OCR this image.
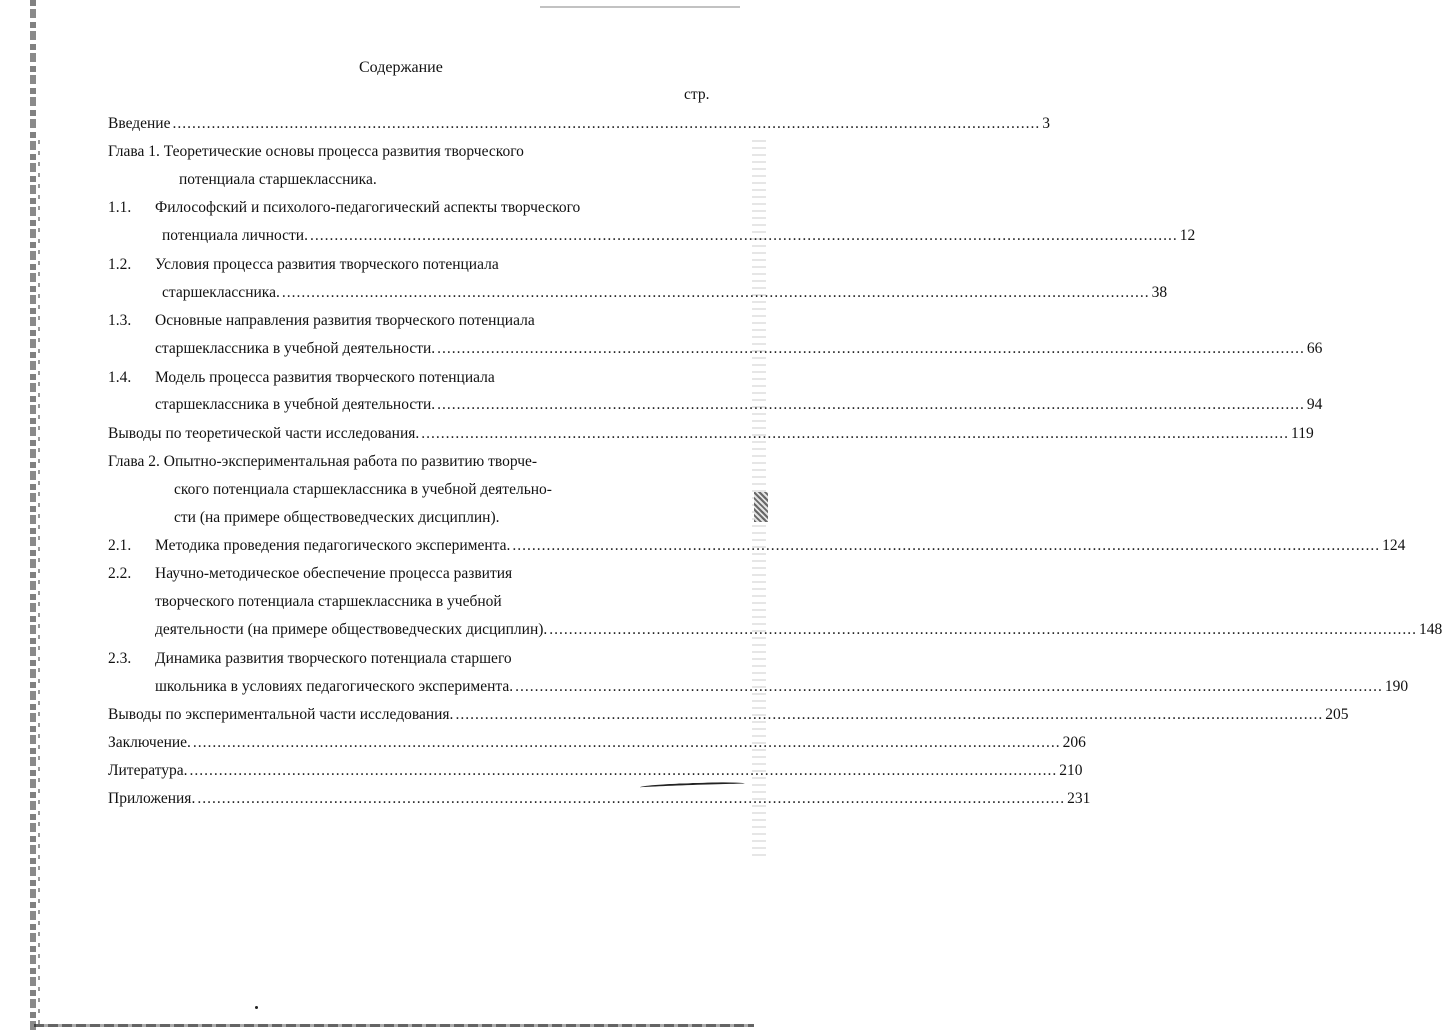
Содержание
стр.
Введение .................................................................................................................................................................................. 3
Глава 1. Теоретические основы процесса развития творческого
потенциала старшеклассника.
1.1. Философский и психолого-педагогический аспекты творческого
потенциала личности. .................................................................................................................................................................................. 12
1.2. Условия процесса развития творческого потенциала
старшеклассника. .................................................................................................................................................................................. 38
1.3. Основные направления развития творческого потенциала
старшеклассника в учебной деятельности. .................................................................................................................................................................................. 66
1.4. Модель процесса развития творческого потенциала
старшеклассника в учебной деятельности. .................................................................................................................................................................................. 94
Выводы по теоретической части исследования. .................................................................................................................................................................................. 119
Глава 2. Опытно-экспериментальная работа по развитию творче-
ского потенциала старшеклассника в учебной деятельно-
сти (на примере обществоведческих дисциплин).
2.1. Методика проведения педагогического эксперимента. .................................................................................................................................................................................. 124
2.2. Научно-методическое обеспечение процесса развития
творческого потенциала старшеклассника в учебной
деятельности (на примере обществоведческих дисциплин). .................................................................................................................................................................................. 148
2.3. Динамика развития творческого потенциала старшего
школьника в условиях педагогического эксперимента. .................................................................................................................................................................................. 190
Выводы по экспериментальной части исследования. .................................................................................................................................................................................. 205
Заключение. .................................................................................................................................................................................. 206
Литература. .................................................................................................................................................................................. 210
Приложения. .................................................................................................................................................................................. 231
